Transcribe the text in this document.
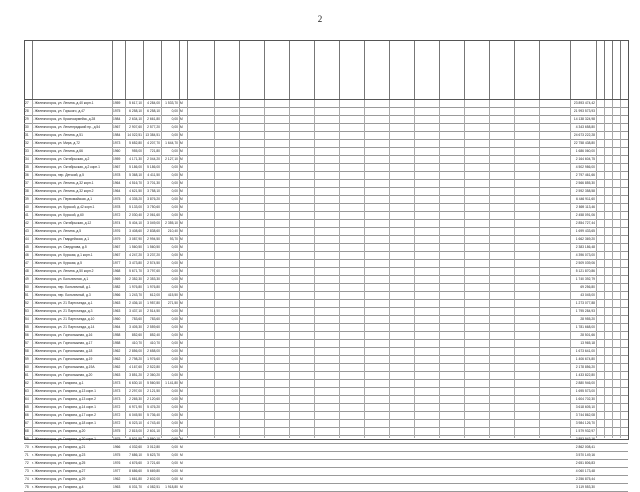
2
27	г. Железногорск, ул. Ленина, д.40 корп.1	1959	5 617,10	4 284,00	1 533,70 М	23 893 474,42
28	г. Железногорск, ул. Горького, д.47	1975	6 258,10	6 258,10	0,00 М	21 993 573,93
29	г. Железногорск, ул. Красноармейск, д.28	1984	2 634,10	2 661,80	0,00 М	14 138 324,98
30	г. Железногорск, ул. Ленинградский пр., д.54	1967	2 907,60	2 577,20	0,00 М	4 343 658,80
31	г. Железногорск, ул. Ленина, д.51	1984	14 022,51	13 384,51	0,00 М	24 673 222,28
32	г. Железногорск, ул. Мира, д.72	1973	5 652,80	4 207,70	1 644,70 М	22 758 438,80
33	г. Железногорск, ул. Ленина, д.66	1960	955,00	721,80	0,00 М	1 686 060,00
34	г. Железногорск, ул. Октябрьская, д.2	1959	4 171,30	2 044,20	2 127,10 М	2 164 604,75
35	г. Железногорск, ул. Октябрьская, д.2 корп.1	1967	5 186,00	5 186,00	0,00 М	4 502 986,00
36	г. Железногорск, пер. Детский, д.5	1978	5 368,10	4 411,50	0,00 М	2 797 461,66
37	г. Железногорск, ул. Ленина, д.32 корп.1	1964	4 516,70	3 701,30	0,00 М	2 566 855,30
38	г. Железногорск, ул. Ленина, д.32 корп.2	1964	4 621,50	3 758,10	0,00 М	2 592 358,58
39	г. Железногорск, ул. Первомайская, д.1	1975	4 335,20	3 876,20	0,00 М	6 446 911,60
40	г. Железногорск, ул. Курской, д.42 корп.1	1978	5 133,00	3 750,60	0,00 М	2 869 113,46
41	г. Железногорск, ул. Курской, д.60	1972	2 030,40	2 061,60	0,00 М	2 458 091,06
42	г. Железногорск, ул. Октябрьская, д.12	1974	5 404,10	3 049,00	2 355,10 М	2 854 727,44
43	г. Железногорск, ул. Ленина, д.5	1976	3 408,60	2 838,60	210,40 М	1 699 433,65
44	г. Железногорск, ул. Гвардейская, д.1	1979	3 087,90	2 994,50	93,70 М	1 662 369,20
45	г. Железногорск, ул. Свердлова, д.5	1967	1 560,50	1 560,50	0,00 М	2 383 186,48
46	г. Железногорск, ул. Курская, д.1 корп.1	1967	4 247,20	3 237,20	0,00 М	4 396 073,00
47	г. Железногорск, ул. Курская, д.5	1977	3 473,80	2 574,50	0,00 М	2 509 039,06
48	г. Железногорск, ул. Ленина, д.50 корп.2	1968	5 671,70	3 797,60	0,00 М	5 121 870,86
49	г. Железногорск, ул. Больничная, д.1	1969	2 352,30	2 353,30	0,00 М	1 740 392,79
50	г. Железногорск, пер. Больничный, д.1	1982	1 976,80	1 976,80	0,00 М	69 256,80
51	г. Железногорск, пер. Больничный, д.3	1966	1 243,70	612,00	415,50 М	43 045,00
52	г. Железногорск, ул. 21 Партсъезда, д.1	1963	2 436,10	1 957,80	271,50 М	1 273 077,88
53	г. Железногорск, ул. 21 Партсъезда, д.3	1963	3 437,10	2 514,50	0,00 М	1 795 284,93
54	г. Железногорск, ул. 21 Партсъезда, д.10	1960	783,60	783,60	0,00 М	28 955,20
55	г. Железногорск, ул. 21 Партсъезда, д.14	1964	3 405,30	2 559,60	0,00 М	1 781 668,00
56	г. Железногорск, ул. Горнолыжная, д.16	1958	852,60	852,40	0,00 М	28 501,66
57	г. Железногорск, ул. Горнолыжная, д.17	1958	410,70	410,70	0,00 М	13 965,18
58	г. Железногорск, ул. Горнолыжная, д.18	1962	2 856,00	2 658,00	0,00 М	1 673 641,00
59	г. Железногорск, ул. Горнолыжная, д.19	1962	2 798,20	1 976,60	0,00 М	1 406 674,80
60	г. Железногорск, ул. Горнолыжная, д.19А	1962	4 167,60	2 522,80	0,00 М	2 178 856,20
61	г. Железногорск, ул. Горнолыжная, д.20	1963	3 851,20	2 360,20	0,00 М	1 433 822,80
62	г. Железногорск, ул. Гагарина, д.1	1973	6 630,10	5 560,50	1 141,80 М	2 880 946,00
63	г. Железногорск, ул. Гагарина, д.13 корп.1	1973	2 297,00	2 121,50	0,00 М	1 695 573,00
64	г. Железногорск, ул. Гагарина, д.13 корп.2	1973	2 265,30	2 120,60	0,00 М	1 604 702,30
65	г. Железногорск, ул. Гагарина, д.14 корп.1	1972	6 971,90	5 476,20	0,00 М	3 618 605,10
66	г. Железногорск, ул. Гагарина, д.17 корп.2	1972	6 045,50	5 736,40	0,00 М	3 744 862,08
67	г. Железногорск, ул. Гагарина, д.18 корп.1	1972	6 023,10	4 743,40	0,00 М	3 984 126,70
68	г. Железногорск, ул. Гагарина, д.20	1975	2 815,00	2 601,10	0,00 М	1 579 932,97
69	г. Железногорск, ул. Гагарина, д.20 корп.1	1975	5 921,50	3 860,10	0,00 М	2 853 943,16
70	г. Железногорск, ул. Гагарина, д.21	1966	4 032,60	3 012,80	0,00 М	2 862 008,41
71	г. Железногорск, ул. Гагарина, д.23	1975	7 686,10	5 623,70	0,00 М	3 570 149,16
72	г. Железногорск, ул. Гагарина, д.25	1976	4 676,60	3 721,60	0,00 М	2 651 806,83
73	г. Железногорск, ул. Гагарина, д.27	1977	8 686,60	5 669,80	0,00 М	4 060 173,48
74	г. Железногорск, ул. Гагарина, д.29	1962	1 661,80	2 602,00	0,00 М	2 256 875,44
75	г. Железногорск, ул. Гагарина, д.4	1963	6 031,70	4 082,51	1 918,80 М	3 119 553,30
